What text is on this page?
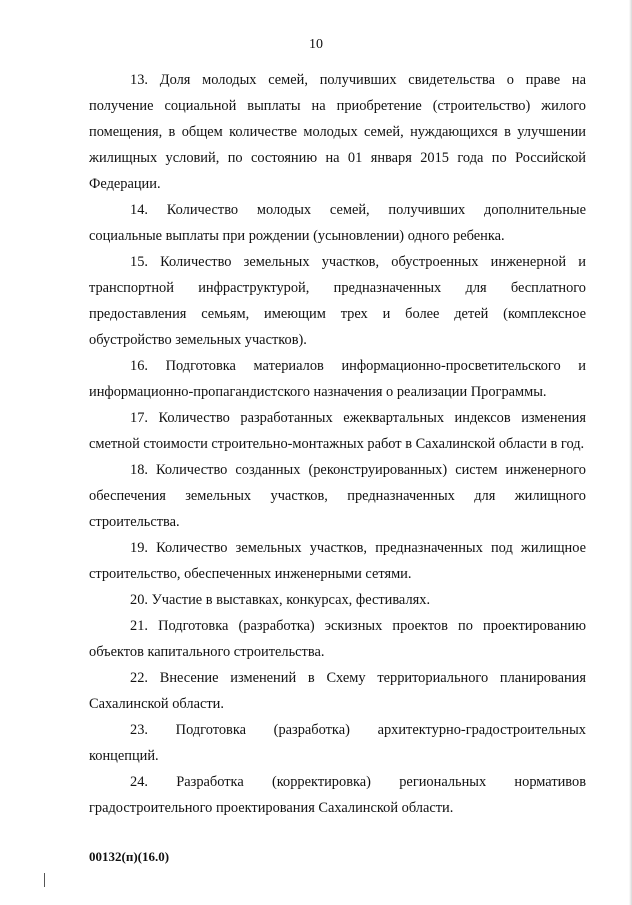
10

13. Доля молодых семей, получивших свидетельства о праве на получение социальной выплаты на приобретение (строительство) жилого помещения, в общем количестве молодых семей, нуждающихся в улучшении жилищных условий, по состоянию на 01 января 2015 года по Российской Федерации.

14. Количество молодых семей, получивших дополнительные социальные выплаты при рождении (усыновлении) одного ребенка.

15. Количество земельных участков, обустроенных инженерной и транспортной инфраструктурой, предназначенных для бесплатного предоставления семьям, имеющим трех и более детей (комплексное обустройство земельных участков).

16. Подготовка материалов информационно-просветительского и информационно-пропагандистского назначения о реализации Программы.

17. Количество разработанных ежеквартальных индексов изменения сметной стоимости строительно-монтажных работ в Сахалинской области в год.

18. Количество созданных (реконструированных) систем инженерного обеспечения земельных участков, предназначенных для жилищного строительства.

19. Количество земельных участков, предназначенных под жилищное строительство, обеспеченных инженерными сетями.

20. Участие в выставках, конкурсах, фестивалях.

21. Подготовка (разработка) эскизных проектов по проектированию объектов капитального строительства.

22. Внесение изменений в Схему территориального планирования Сахалинской области.

23. Подготовка (разработка) архитектурно-градостроительных концепций.

24. Разработка (корректировка) региональных нормативов градостроительного проектирования Сахалинской области.

00132(п)(16.0)
